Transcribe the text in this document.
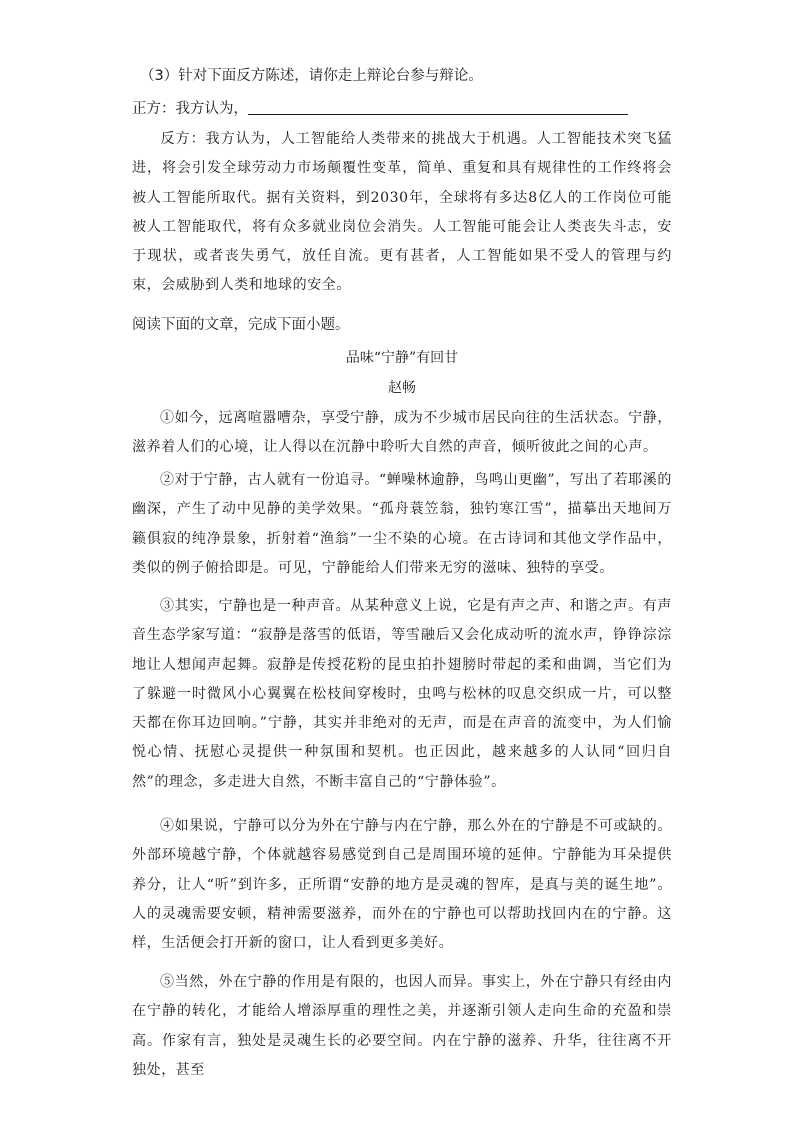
（3）针对下面反方陈述，请你走上辩论台参与辩论。
正方：我方认为，
反方：我方认为，人工智能给人类带来的挑战大于机遇。人工智能技术突飞猛进，将会引发全球劳动力市场颠覆性变革，简单、重复和具有规律性的工作终将会被人工智能所取代。据有关资料，到2030年，全球将有多达8亿人的工作岗位可能被人工智能取代，将有众多就业岗位会消失。人工智能可能会让人类丧失斗志，安于现状，或者丧失勇气，放任自流。更有甚者，人工智能如果不受人的管理与约束，会威胁到人类和地球的安全。
阅读下面的文章，完成下面小题。
品味“宁静”有回甘
赵畅
①如今，远离喧嚣嘈杂，享受宁静，成为不少城市居民向往的生活状态。宁静，滋养着人们的心境，让人得以在沉静中聆听大自然的声音，倾听彼此之间的心声。
②对于宁静，古人就有一份追寻。“蝉噪林逾静，鸟鸣山更幽”，写出了若耶溪的幽深，产生了动中见静的美学效果。“孤舟蓑笠翁，独钓寒江雪”，描摹出天地间万籁俱寂的纯净景象，折射着“渔翁”一尘不染的心境。在古诗词和其他文学作品中，类似的例子俯拾即是。可见，宁静能给人们带来无穷的滋味、独特的享受。
③其实，宁静也是一种声音。从某种意义上说，它是有声之声、和谐之声。有声音生态学家写道：“寂静是落雪的低语，等雪融后又会化成动听的流水声，铮铮淙淙地让人想闻声起舞。寂静是传授花粉的昆虫拍扑翅膀时带起的柔和曲调，当它们为了躲避一时微风小心翼翼在松枝间穿梭时，虫鸣与松林的叹息交织成一片，可以整天都在你耳边回响。”宁静，其实并非绝对的无声，而是在声音的流变中，为人们愉悦心情、抚慰心灵提供一种氛围和契机。也正因此，越来越多的人认同“回归自然”的理念，多走进大自然，不断丰富自己的“宁静体验”。
④如果说，宁静可以分为外在宁静与内在宁静，那么外在的宁静是不可或缺的。外部环境越宁静，个体就越容易感觉到自己是周围环境的延伸。宁静能为耳朵提供养分，让人“听”到许多，正所谓“安静的地方是灵魂的智库，是真与美的诞生地”。人的灵魂需要安顿，精神需要滋养，而外在的宁静也可以帮助找回内在的宁静。这样，生活便会打开新的窗口，让人看到更多美好。
⑤当然，外在宁静的作用是有限的，也因人而异。事实上，外在宁静只有经由内在宁静的转化，才能给人增添厚重的理性之美，并逐渐引领人走向生命的充盈和崇高。作家有言，独处是灵魂生长的必要空间。内在宁静的滋养、升华，往往离不开独处，甚至
